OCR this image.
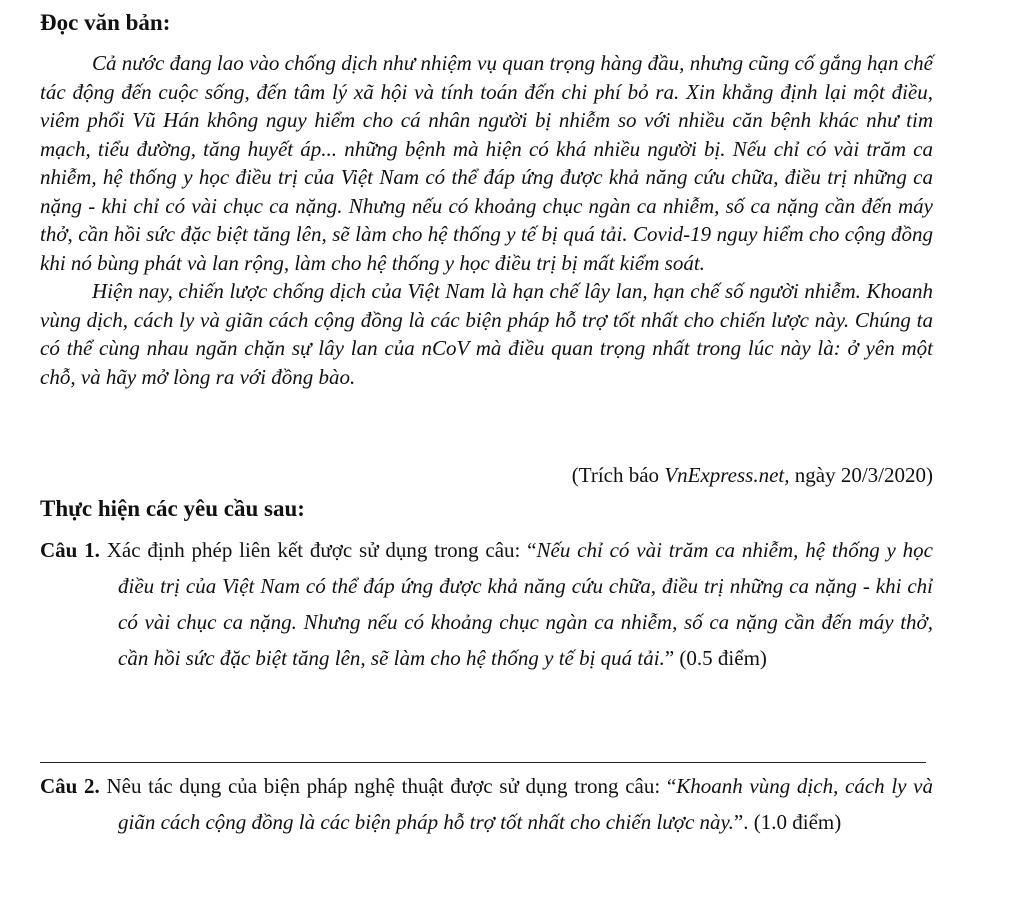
Đọc văn bản:

Cả nước đang lao vào chống dịch như nhiệm vụ quan trọng hàng đầu, nhưng cũng cố gắng hạn chế tác động đến cuộc sống, đến tâm lý xã hội và tính toán đến chi phí bỏ ra. Xin khẳng định lại một điều, viêm phổi Vũ Hán không nguy hiểm cho cá nhân người bị nhiễm so với nhiều căn bệnh khác như tim mạch, tiểu đường, tăng huyết áp... những bệnh mà hiện có khá nhiều người bị. Nếu chỉ có vài trăm ca nhiễm, hệ thống y học điều trị của Việt Nam có thể đáp ứng được khả năng cứu chữa, điều trị những ca nặng - khi chỉ có vài chục ca nặng. Nhưng nếu có khoảng chục ngàn ca nhiễm, số ca nặng cần đến máy thở, cần hồi sức đặc biệt tăng lên, sẽ làm cho hệ thống y tế bị quá tải. Covid-19 nguy hiểm cho cộng đồng khi nó bùng phát và lan rộng, làm cho hệ thống y học điều trị bị mất kiểm soát.

Hiện nay, chiến lược chống dịch của Việt Nam là hạn chế lây lan, hạn chế số người nhiễm. Khoanh vùng dịch, cách ly và giãn cách cộng đồng là các biện pháp hỗ trợ tốt nhất cho chiến lược này. Chúng ta có thể cùng nhau ngăn chặn sự lây lan của nCoV mà điều quan trọng nhất trong lúc này là: ở yên một chỗ, và hãy mở lòng ra với đồng bào.

(Trích báo VnExpress.net, ngày 20/3/2020)
Thực hiện các yêu cầu sau:
Câu 1. Xác định phép liên kết được sử dụng trong câu: “Nếu chỉ có vài trăm ca nhiễm, hệ thống y học điều trị của Việt Nam có thể đáp ứng được khả năng cứu chữa, điều trị những ca nặng - khi chỉ có vài chục ca nặng. Nhưng nếu có khoảng chục ngàn ca nhiễm, số ca nặng cần đến máy thở, cần hồi sức đặc biệt tăng lên, sẽ làm cho hệ thống y tế bị quá tải.” (0.5 điểm)
Câu 2. Nêu tác dụng của biện pháp nghệ thuật được sử dụng trong câu: “Khoanh vùng dịch, cách ly và giãn cách cộng đồng là các biện pháp hỗ trợ tốt nhất cho chiến lược này.”. (1.0 điểm)
